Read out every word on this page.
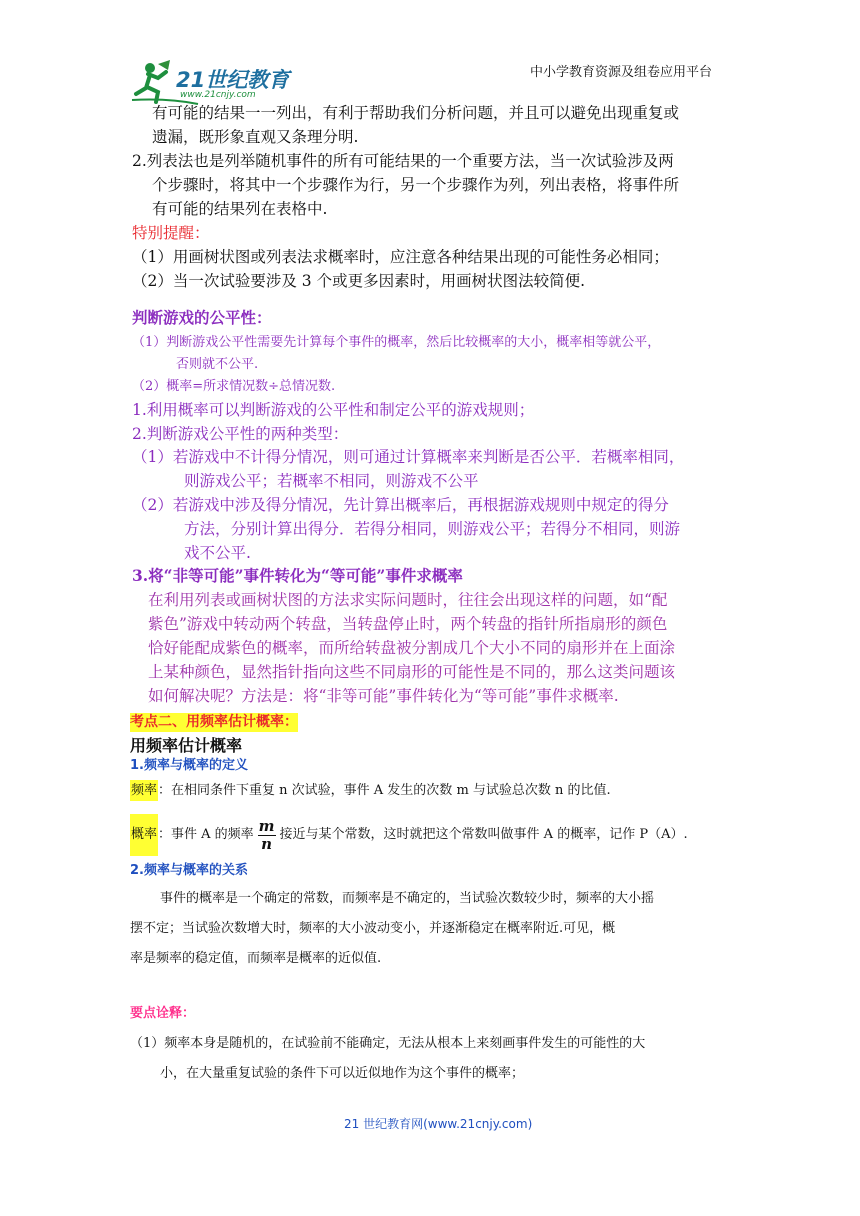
21世纪教育
www.21cnjy.com
中小学教育资源及组卷应用平台
有可能的结果一一列出，有利于帮助我们分析问题，并且可以避免出现重复或
遗漏，既形象直观又条理分明.
2.列表法也是列举随机事件的所有可能结果的一个重要方法，当一次试验涉及两
个步骤时，将其中一个步骤作为行，另一个步骤作为列，列出表格，将事件所
有可能的结果列在表格中.
特别提醒：
（1）用画树状图或列表法求概率时，应注意各种结果出现的可能性务必相同；
（2）当一次试验要涉及 3 个或更多因素时，用画树状图法较简便.
判断游戏的公平性：
（1）判断游戏公平性需要先计算每个事件的概率，然后比较概率的大小，概率相等就公平，
否则就不公平.
（2）概率=所求情况数÷总情况数.
1.利用概率可以判断游戏的公平性和制定公平的游戏规则；
2.判断游戏公平性的两种类型：
（1）若游戏中不计得分情况，则可通过计算概率来判断是否公平．若概率相同，
则游戏公平；若概率不相同，则游戏不公平
（2）若游戏中涉及得分情况，先计算出概率后，再根据游戏规则中规定的得分
方法，分别计算出得分．若得分相同，则游戏公平；若得分不相同，则游
戏不公平.
3.将“非等可能”事件转化为“等可能”事件求概率
在利用列表或画树状图的方法求实际问题时，往往会出现这样的问题，如“配
紫色”游戏中转动两个转盘，当转盘停止时，两个转盘的指针所指扇形的颜色
恰好能配成紫色的概率，而所给转盘被分割成几个大小不同的扇形并在上面涂
上某种颜色，显然指针指向这些不同扇形的可能性是不同的，那么这类问题该
如何解决呢？方法是：将“非等可能”事件转化为“等可能”事件求概率.
考点二、用频率估计概率：
用频率估计概率
1.频率与概率的定义
频率：在相同条件下重复 n 次试验，事件 A 发生的次数 m 与试验总次数 n 的比值.
概率：事件 A 的频率 $\frac{m}{n}$ 接近与某个常数，这时就把这个常数叫做事件 A 的概率，记作 P（A）.
2.频率与概率的关系
事件的概率是一个确定的常数，而频率是不确定的，当试验次数较少时，频率的大小摇
摆不定；当试验次数增大时，频率的大小波动变小，并逐渐稳定在概率附近.可见，概
率是频率的稳定值，而频率是概率的近似值.
要点诠释：
（1）频率本身是随机的，在试验前不能确定，无法从根本上来刻画事件发生的可能性的大
小，在大量重复试验的条件下可以近似地作为这个事件的概率；
21 世纪教育网(www.21cnjy.com)
